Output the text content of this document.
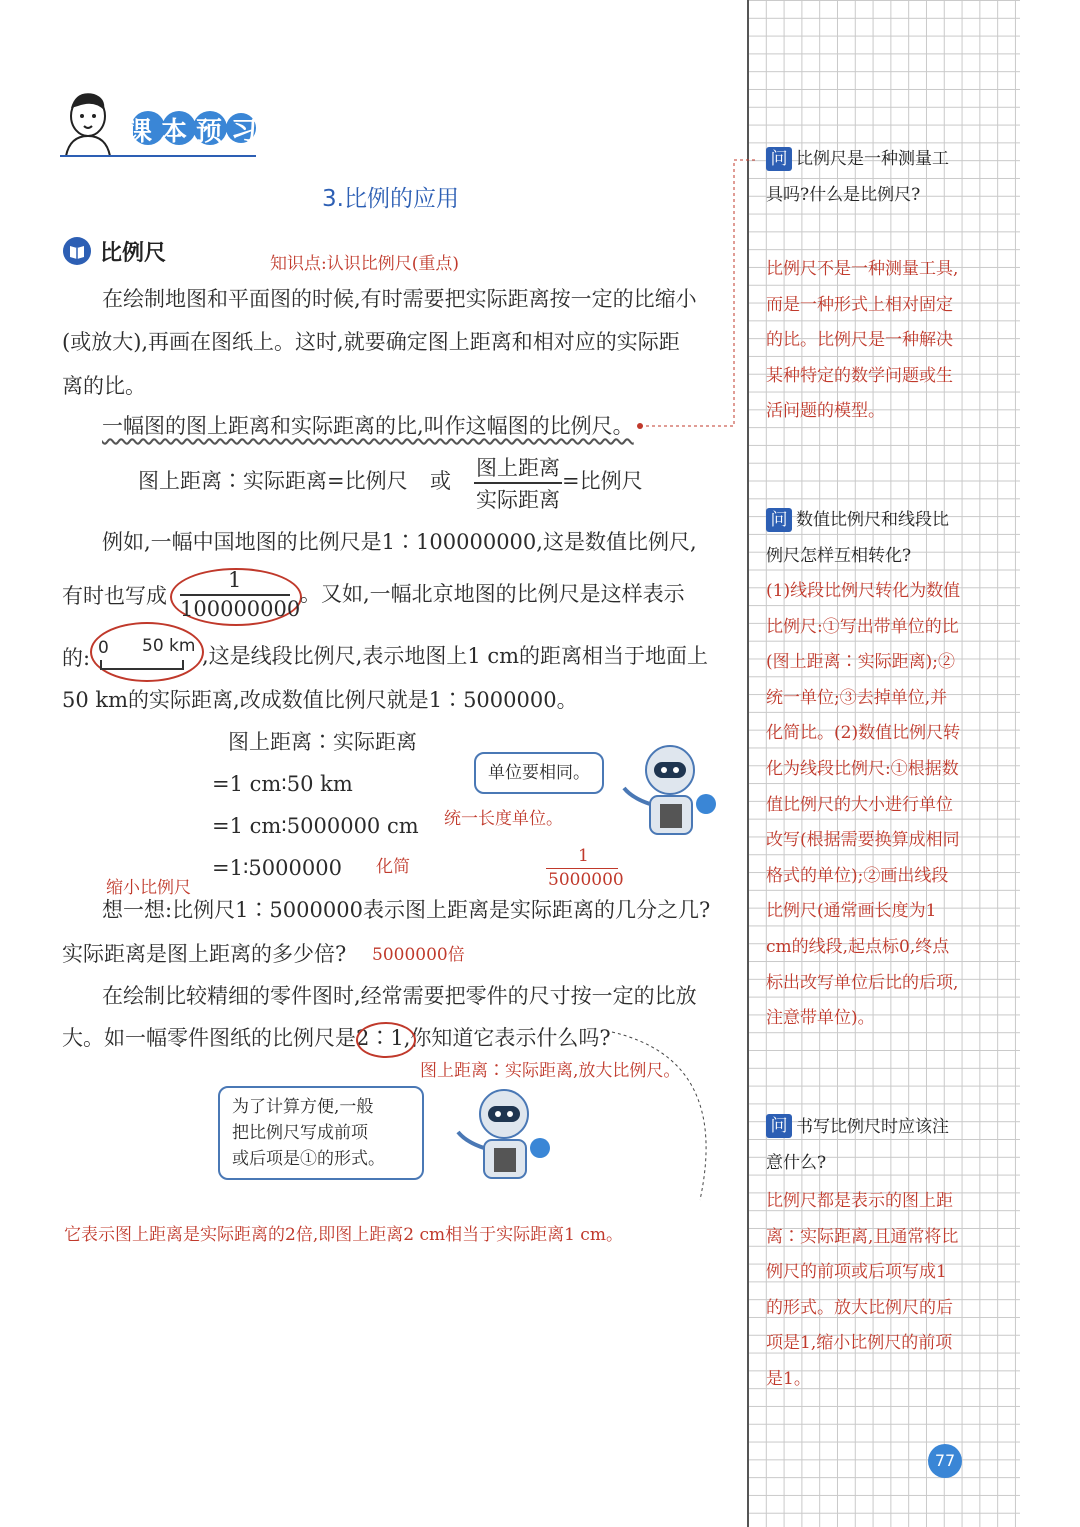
课本预习
3.比例的应用
比例尺	知识点:认识比例尺(重点)
在绘制地图和平面图的时候,有时需要把实际距离按一定的比缩小
(或放大),再画在图纸上。这时,就要确定图上距离和相对应的实际距
离的比。
一幅图的图上距离和实际距离的比,叫作这幅图的比例尺。
图上距离∶实际距离=比例尺 或
图上距离
实际距离
=比例尺
例如,一幅中国地图的比例尺是1∶100000000,这是数值比例尺,
有时也写成
1
100000000
。又如,一幅北京地图的比例尺是这样表示
的: 0 50 km ,这是线段比例尺,表示地图上1 cm的距离相当于地面上
50 km的实际距离,改成数值比例尺就是1∶5000000。
图上距离∶实际距离
=1 cm∶50 km
=1 cm∶5000000 cm 统一长度单位。
=1∶5000000 化简
缩小比例尺
1
5000000
单位要相同。
想一想:比例尺1∶5000000表示图上距离是实际距离的几分之几?
实际距离是图上距离的多少倍? 5000000倍
在绘制比较精细的零件图时,经常需要把零件的尺寸按一定的比放
大。如一幅零件图纸的比例尺是2∶1,你知道它表示什么吗?
图上距离∶实际距离,放大比例尺。
为了计算方便,一般
把比例尺写成前项
或后项是①的形式。
它表示图上距离是实际距离的2倍,即图上距离2 cm相当于实际距离1 cm。
问 比例尺是一种测量工具吗?什么是比例尺?
比例尺不是一种测量工具,而是一种形式上相对固定的比。比例尺是一种解决某种特定的数学问题或生活问题的模型。
问 数值比例尺和线段比例尺怎样互相转化?
(1)线段比例尺转化为数值比例尺:①写出带单位的比(图上距离∶实际距离);②统一单位;③去掉单位,并化简比。(2)数值比例尺转化为线段比例尺:①根据数值比例尺的大小进行单位改写(根据需要换算成相同格式的单位);②画出线段比例尺(通常画长度为1 cm的线段,起点标0,终点标出改写单位后比的后项,注意带单位)。
问 书写比例尺时应该注意什么?
比例尺都是表示的图上距离∶实际距离,且通常将比例尺的前项或后项写成1的形式。放大比例尺的后项是1,缩小比例尺的前项是1。
77
